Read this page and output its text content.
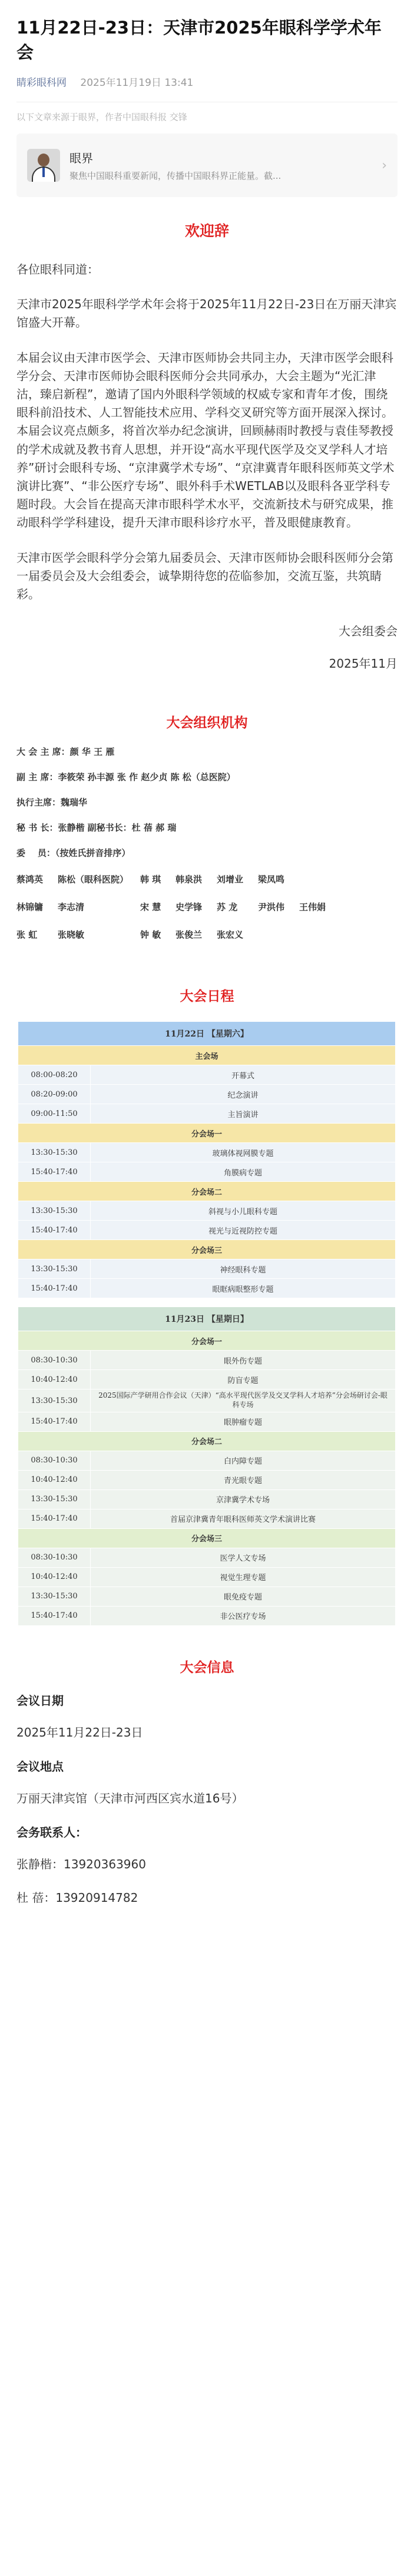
11月22日-23日：天津市2025年眼科学学术年会
睛彩眼科网 2025年11月19日 13:41
以下文章来源于眼界，作者中国眼科报 交锋
眼界
聚焦中国眼科重要新闻，传播中国眼科界正能量。截...
›
欢迎辞

各位眼科同道：

天津市2025年眼科学学术年会将于2025年11月22日-23日在万丽天津宾馆盛大开幕。

本届会议由天津市医学会、天津市医师协会共同主办，天津市医学会眼科学分会、天津市医师协会眼科医师分会共同承办，大会主题为“光汇津沽，臻启新程”，邀请了国内外眼科学领域的权威专家和青年才俊，围绕眼科前沿技术、人工智能技术应用、学科交叉研究等方面开展深入探讨。本届会议亮点颇多，将首次举办纪念演讲，回顾赫雨时教授与袁佳琴教授的学术成就及教书育人思想，并开设“高水平现代医学及交叉学科人才培养”研讨会眼科专场、“京津冀学术专场”、“京津冀青年眼科医师英文学术演讲比赛”、“非公医疗专场”、眼外科手术WETLAB以及眼科各亚学科专题时段。大会旨在提高天津市眼科学术水平，交流新技术与研究成果，推动眼科学学科建设，提升天津市眼科诊疗水平，普及眼健康教育。

天津市医学会眼科学分会第九届委员会、天津市医师协会眼科医师分会第一届委员会及大会组委会，诚挚期待您的莅临参加，交流互鉴，共筑睛彩。

大会组委会

2025年11月

大会组织机构
大 会 主 席： 颜 华 王 雁
副 主 席： 李筱荣 孙丰源 张 作 赵少贞 陈 松（总医院）
执行主席： 魏瑞华
秘 书 长： 张静楷 副秘书长：杜 蓓 郝 瑞
委    员：（按姓氏拼音排序）
蔡鸿英	陈松（眼科医院）	韩 琪	韩泉洪	刘增业	梁凤鸣
林锦镛	李志清	宋 慧	史学锋	苏 龙	尹洪伟	王伟娟
张 虹	张晓敏	钟 敏	张俊兰	张宏义
大会日程
11月22日 【星期六】	
主会场	
08:00-08:20	开幕式
08:20-09:00	纪念演讲
09:00-11:50	主旨演讲
分会场一	
13:30-15:30	玻璃体视网膜专题
15:40-17:40	角膜病专题
分会场二	
13:30-15:30	斜视与小儿眼科专题
15:40-17:40	视光与近视防控专题
分会场三	
13:30-15:30	神经眼科专题
15:40-17:40	眼眶病眼整形专题
11月23日 【星期日】	
分会场一	
08:30-10:30	眼外伤专题
10:40-12:40	防盲专题
13:30-15:30	2025国际产学研用合作会议（天津）“高水平现代医学及交叉学科人才培养”分会场研讨会-眼科专场
15:40-17:40	眼肿瘤专题
分会场二	
08:30-10:30	白内障专题
10:40-12:40	青光眼专题
13:30-15:30	京津冀学术专场
15:40-17:40	首届京津冀青年眼科医师英文学术演讲比赛
分会场三	
08:30-10:30	医学人文专场
10:40-12:40	视觉生理专题
13:30-15:30	眼免疫专题
15:40-17:40	非公医疗专场
大会信息
会议日期

2025年11月22日-23日

会议地点

万丽天津宾馆（天津市河西区宾水道16号）

会务联系人：

张静楷：13920363960

杜 蓓：13920914782
